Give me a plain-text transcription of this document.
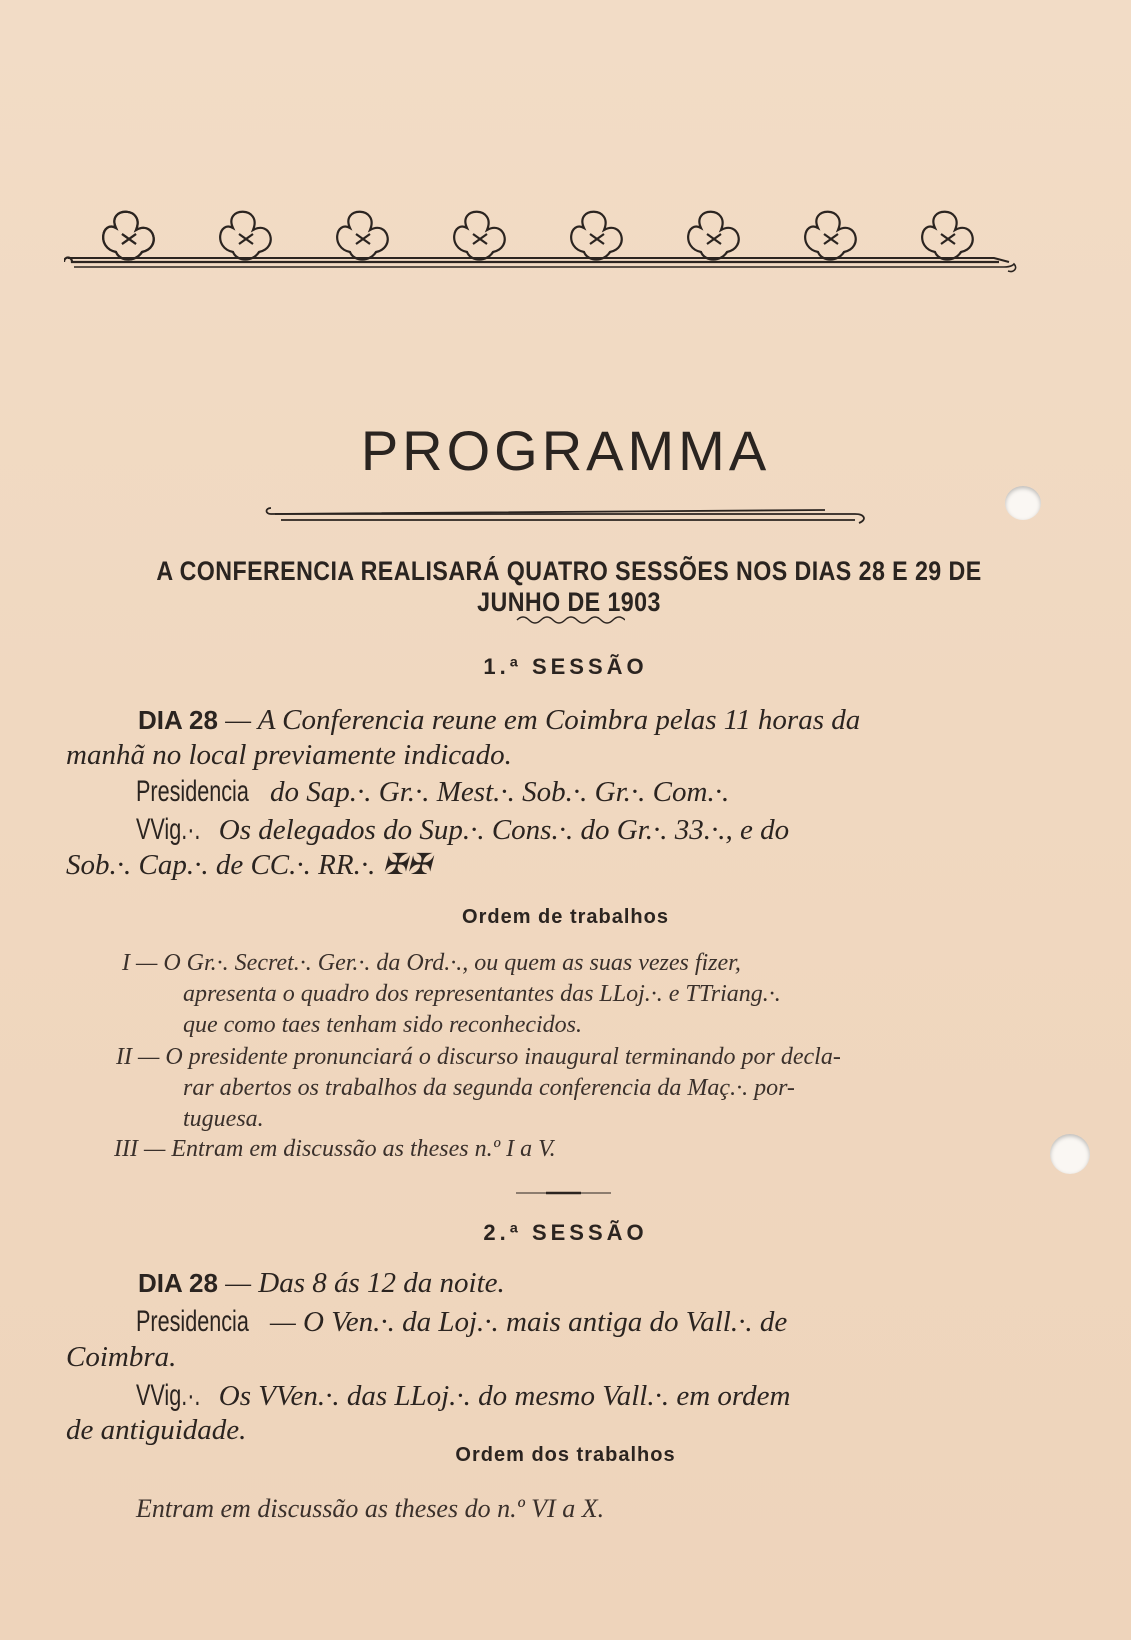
PROGRAMMA
A CONFERENCIA REALISARÁ QUATRO SESSÕES NOS DIAS 28 E 29 DE JUNHO DE 1903
1.ª SESSÃO
DIA 28 — A Conferencia reune em Coimbra pelas 11 horas da
manhã no local previamente indicado.
Presidencia do Sap.·. Gr.·. Mest.·. Sob.·. Gr.·. Com.·.
VVig.·. Os delegados do Sup.·. Cons.·. do Gr.·. 33.·., e do
Sob.·. Cap.·. de CC.·. RR.·. ✠✠
Ordem de trabalhos
I — O Gr.·. Secret.·. Ger.·. da Ord.·., ou quem as suas vezes fizer,
apresenta o quadro dos representantes das LLoj.·. e TTriang.·.
que como taes tenham sido reconhecidos.
II — O presidente pronunciará o discurso inaugural terminando por decla-
rar abertos os trabalhos da segunda conferencia da Maç.·. por-
tuguesa.
III — Entram em discussão as theses n.º I a V.
2.ª SESSÃO
DIA 28 — Das 8 ás 12 da noite.
Presidencia — O Ven.·. da Loj.·. mais antiga do Vall.·. de
Coimbra.
VVig.·. Os VVen.·. das LLoj.·. do mesmo Vall.·. em ordem
de antiguidade.
Ordem dos trabalhos
Entram em discussão as theses do n.º VI a X.
